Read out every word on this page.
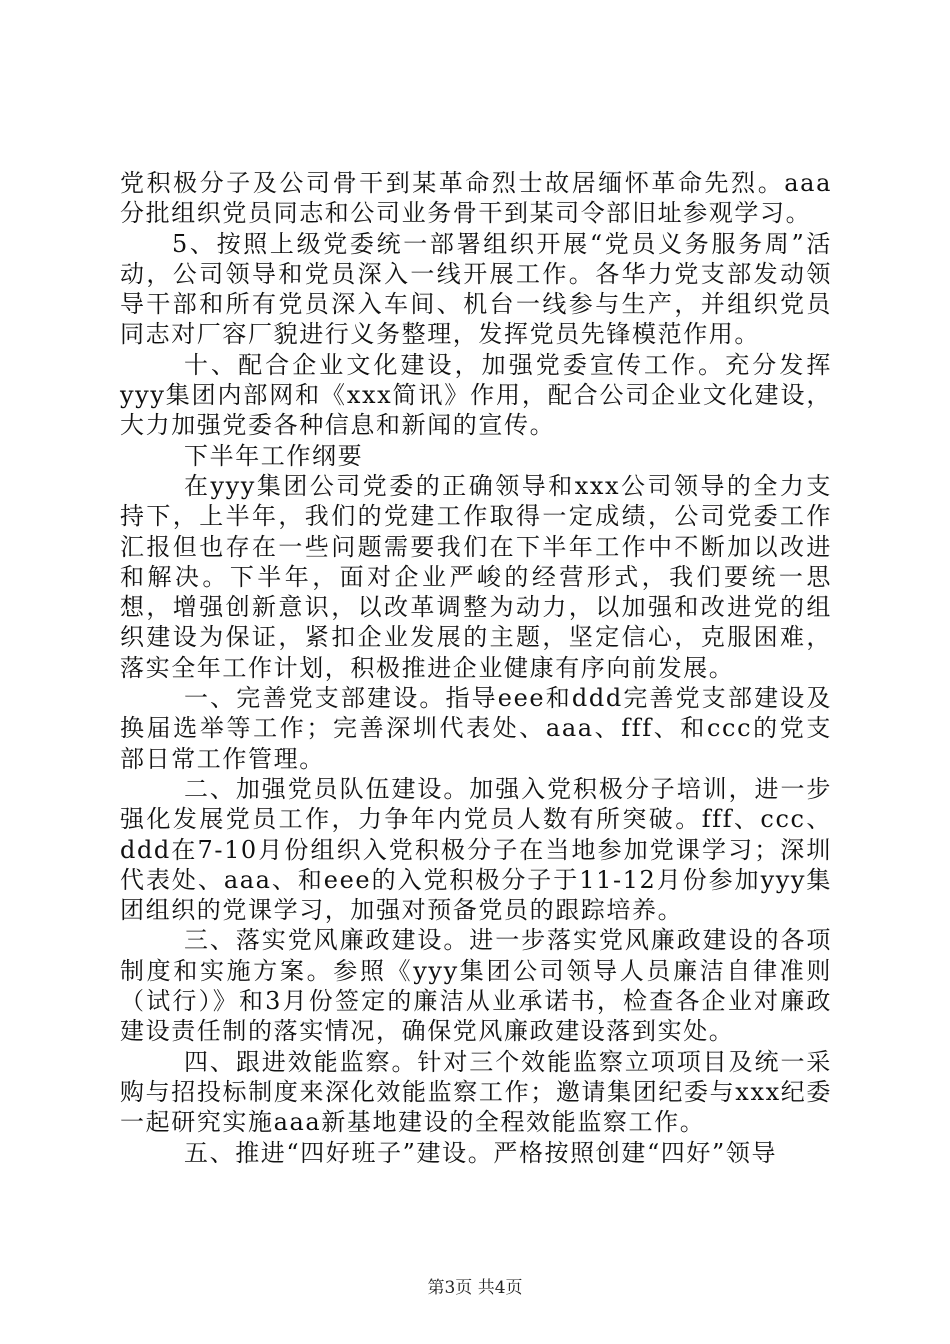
党积极分子及公司骨干到某革命烈士故居缅怀革命先烈。aaa分批组织党员同志和公司业务骨干到某司令部旧址参观学习。

5、按照上级党委统一部署组织开展“党员义务服务周”活动，公司领导和党员深入一线开展工作。各华力党支部发动领导干部和所有党员深入车间、机台一线参与生产，并组织党员同志对厂容厂貌进行义务整理，发挥党员先锋模范作用。

十、配合企业文化建设，加强党委宣传工作。充分发挥yyy集团内部网和《xxx简讯》作用，配合公司企业文化建设，大力加强党委各种信息和新闻的宣传。

下半年工作纲要

在yyy集团公司党委的正确领导和xxx公司领导的全力支持下，上半年，我们的党建工作取得一定成绩，公司党委工作汇报但也存在一些问题需要我们在下半年工作中不断加以改进和解决。下半年，面对企业严峻的经营形式，我们要统一思想，增强创新意识，以改革调整为动力，以加强和改进党的组织建设为保证，紧扣企业发展的主题，坚定信心，克服困难，落实全年工作计划，积极推进企业健康有序向前发展。

一、完善党支部建设。指导eee和ddd完善党支部建设及换届选举等工作；完善深圳代表处、aaa、fff、和ccc的党支部日常工作管理。

二、加强党员队伍建设。加强入党积极分子培训，进一步强化发展党员工作，力争年内党员人数有所突破。fff、ccc、ddd在7-10月份组织入党积极分子在当地参加党课学习；深圳代表处、aaa、和eee的入党积极分子于11-12月份参加yyy集团组织的党课学习，加强对预备党员的跟踪培养。

三、落实党风廉政建设。进一步落实党风廉政建设的各项制度和实施方案。参照《yyy集团公司领导人员廉洁自律准则（试行）》和3月份签定的廉洁从业承诺书，检查各企业对廉政建设责任制的落实情况，确保党风廉政建设落到实处。

四、跟进效能监察。针对三个效能监察立项项目及统一采购与招投标制度来深化效能监察工作；邀请集团纪委与xxx纪委一起研究实施aaa新基地建设的全程效能监察工作。

五、推进“四好班子”建设。严格按照创建“四好”领导

第3页 共4页
